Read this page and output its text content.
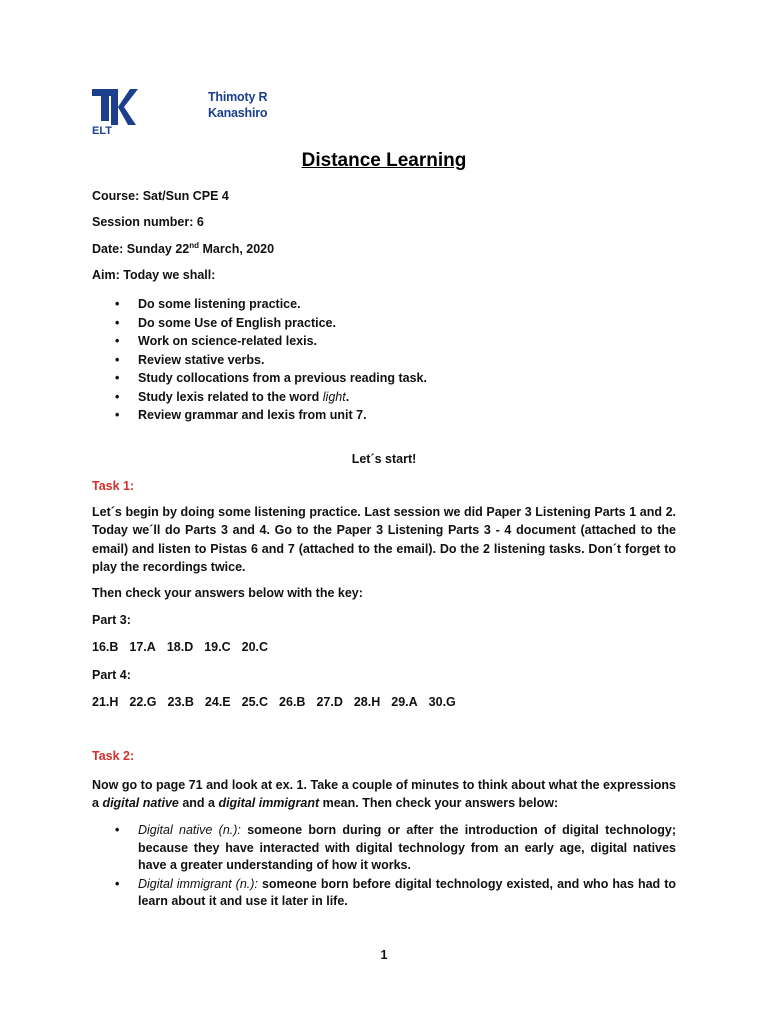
ELT
Thimoty R
Kanashiro
Distance Learning
Course: Sat/Sun CPE 4
Session number: 6
Date: Sunday 22nd March, 2020
Aim: Today we shall:
• Do some listening practice.
• Do some Use of English practice.
• Work on science-related lexis.
• Review stative verbs.
• Study collocations from a previous reading task.
• Study lexis related to the word light.
• Review grammar and lexis from unit 7.
Let´s start!
Task 1:
Let´s begin by doing some listening practice. Last session we did Paper 3 Listening Parts 1 and 2. Today we´ll do Parts 3 and 4. Go to the Paper 3 Listening Parts 3 - 4 document (attached to the email) and listen to Pistas 6 and 7 (attached to the email). Do the 2 listening tasks. Don´t forget to play the recordings twice.
Then check your answers below with the key:
Part 3:
16.B 17.A 18.D 19.C 20.C
Part 4:
21.H 22.G 23.B 24.E 25.C 26.B 27.D 28.H 29.A 30.G
Task 2:
Now go to page 71 and look at ex. 1. Take a couple of minutes to think about what the expressions a digital native and a digital immigrant mean. Then check your answers below:
• Digital native (n.): someone born during or after the introduction of digital technology; because they have interacted with digital technology from an early age, digital natives have a greater understanding of how it works.
• Digital immigrant (n.): someone born before digital technology existed, and who has had to learn about it and use it later in life.
1
